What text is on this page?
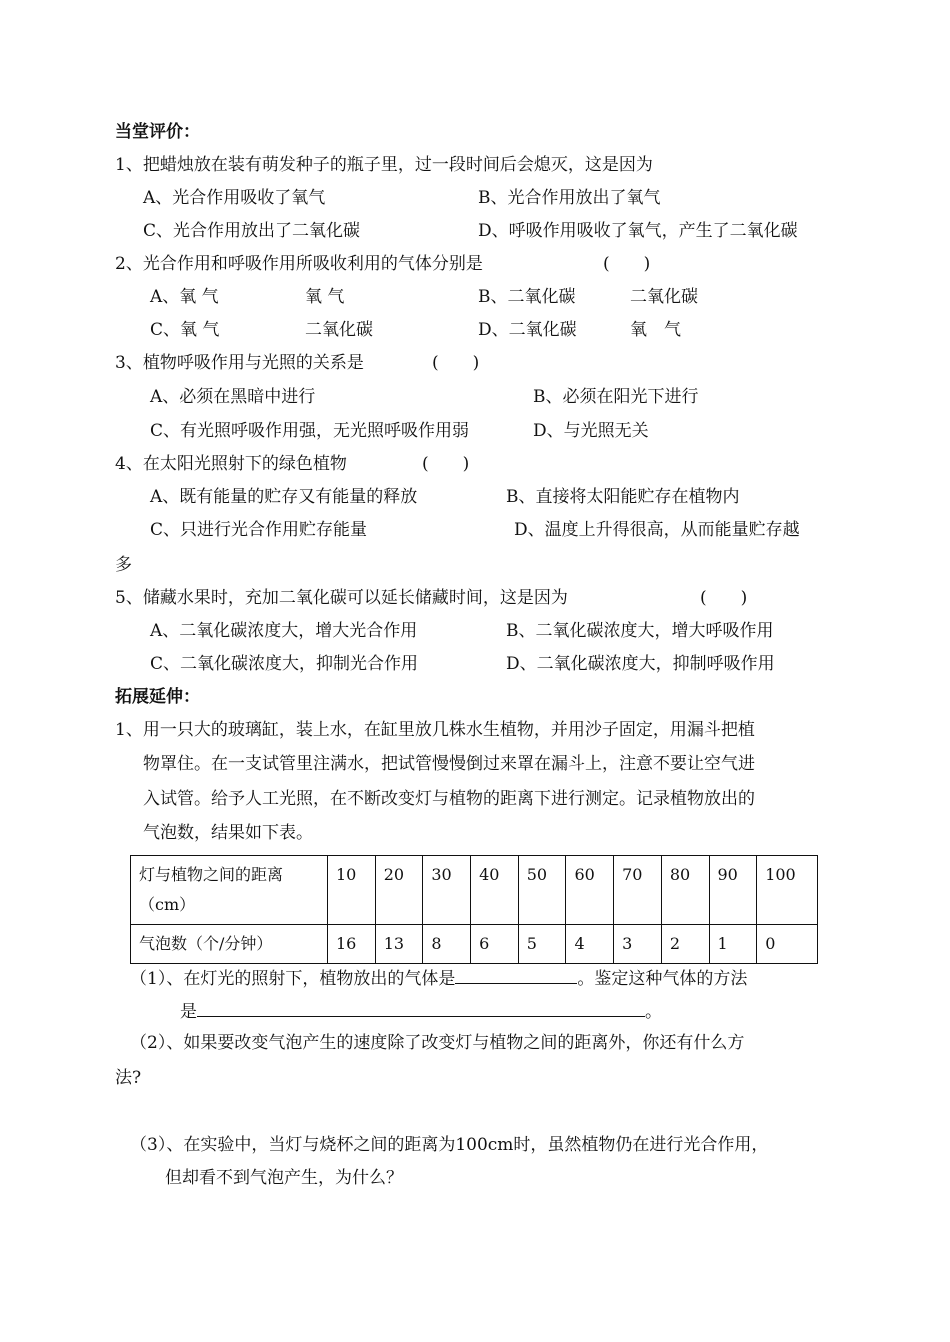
当堂评价：
1、把蜡烛放在装有萌发种子的瓶子里，过一段时间后会熄灭，这是因为
A、光合作用吸收了氧气	B、光合作用放出了氧气
C、光合作用放出了二氧化碳	D、呼吸作用吸收了氧气，产生了二氧化碳
2、光合作用和呼吸作用所吸收利用的气体分别是	(　　)
A、氧 气	氧 气	B、二氧化碳	二氧化碳
C、氧 气	二氧化碳	D、二氧化碳	氧　气
3、植物呼吸作用与光照的关系是	(　　)
A、必须在黑暗中进行	B、必须在阳光下进行
C、有光照呼吸作用强，无光照呼吸作用弱	D、与光照无关
4、在太阳光照射下的绿色植物	(　　)
A、既有能量的贮存又有能量的释放	B、直接将太阳能贮存在植物内
C、只进行光合作用贮存能量	D、温度上升得很高，从而能量贮存越
多
5、储藏水果时，充加二氧化碳可以延长储藏时间，这是因为	(　　)
A、二氧化碳浓度大，增大光合作用	B、二氧化碳浓度大，增大呼吸作用
C、二氧化碳浓度大，抑制光合作用	D、二氧化碳浓度大，抑制呼吸作用
拓展延伸：
1、用一只大的玻璃缸，装上水，在缸里放几株水生植物，并用沙子固定，用漏斗把植
物罩住。在一支试管里注满水，把试管慢慢倒过来罩在漏斗上，注意不要让空气进
入试管。给予人工光照，在不断改变灯与植物的距离下进行测定。记录植物放出的
气泡数，结果如下表。
灯与植物之间的距离
（cm）	10	20	30	40	50	60	70	80	90	100
气泡数（个/分钟）	16	13	8	6	5	4	3	2	1	0
（1）、在灯光的照射下，植物放出的气体是	。鉴定这种气体的方法
是	。
（2）、如果要改变气泡产生的速度除了改变灯与植物之间的距离外，你还有什么方
法?
（3）、在实验中，当灯与烧杯之间的距离为100cm时，虽然植物仍在进行光合作用，
但却看不到气泡产生，为什么？
